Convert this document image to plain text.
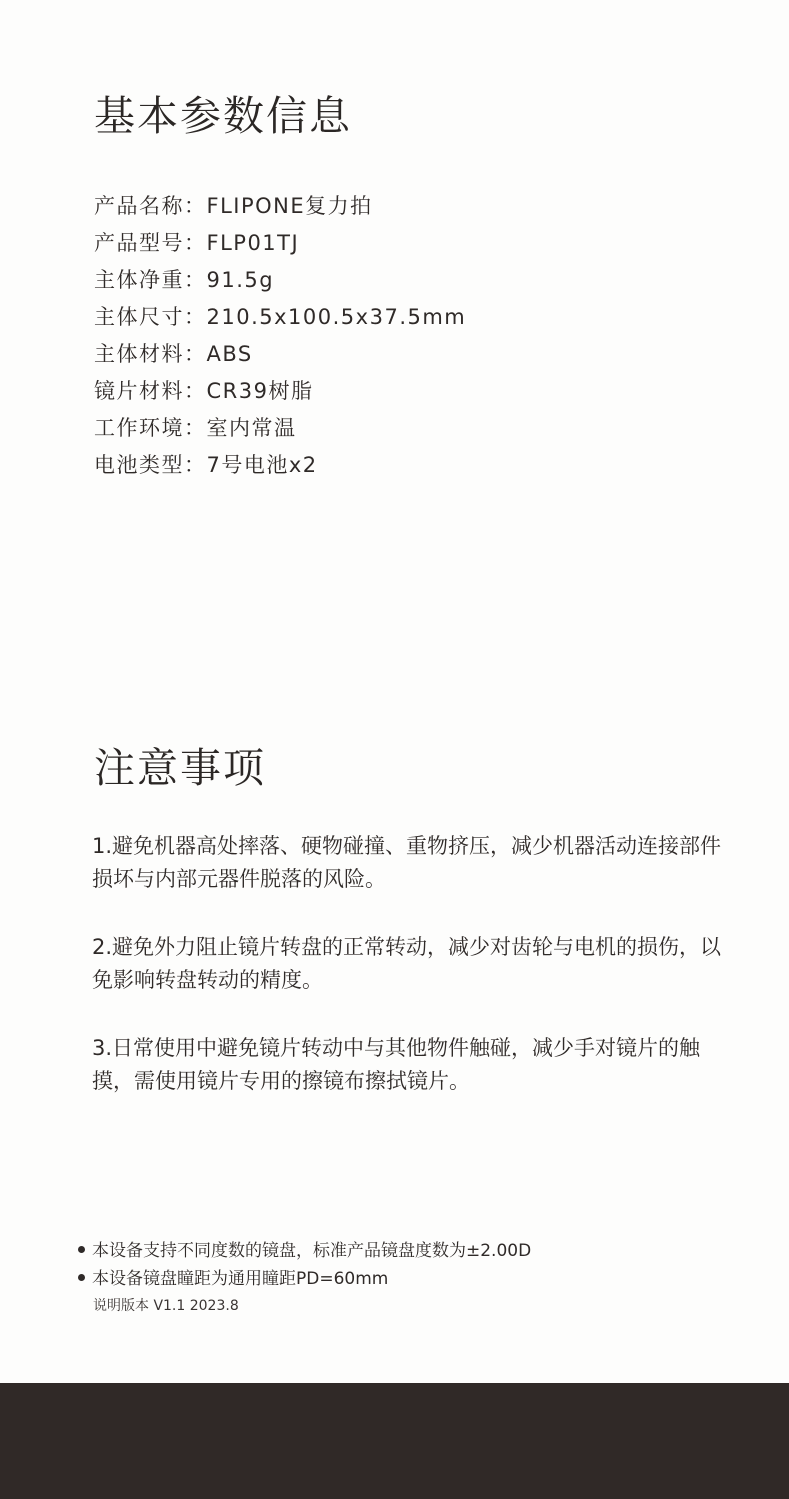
基本参数信息
产品名称：FLIPONE复力拍
产品型号：FLP01TJ
主体净重：91.5g
主体尺寸：210.5x100.5x37.5mm
主体材料：ABS
镜片材料：CR39树脂
工作环境：室内常温
电池类型：7号电池x2
注意事项

1.避免机器高处摔落、硬物碰撞、重物挤压，减少机器活动连接部件损坏与内部元器件脱落的风险。

2.避免外力阻止镜片转盘的正常转动，减少对齿轮与电机的损伤，以免影响转盘转动的精度。

3.日常使用中避免镜片转动中与其他物件触碰，减少手对镜片的触摸，需使用镜片专用的擦镜布擦拭镜片。

本设备支持不同度数的镜盘，标准产品镜盘度数为±2.00D
本设备镜盘瞳距为通用瞳距PD=60mm
说明版本 V1.1 2023.8
